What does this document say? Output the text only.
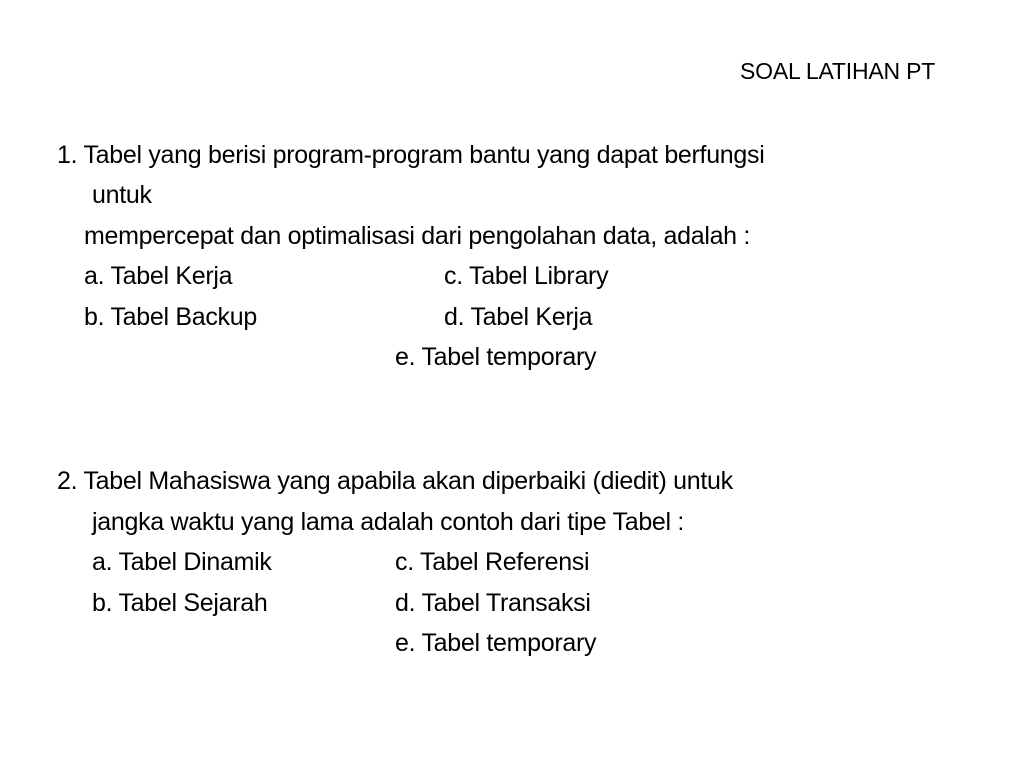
SOAL LATIHAN PT
1. Tabel yang berisi program-program bantu yang dapat berfungsi
untuk
mempercepat dan optimalisasi dari pengolahan data, adalah :
a. Tabel Kerja	c. Tabel Library
b. Tabel Backup	d. Tabel Kerja
e. Tabel temporary
2. Tabel Mahasiswa yang apabila akan diperbaiki (diedit) untuk
jangka waktu yang lama adalah contoh dari tipe Tabel :
a. Tabel Dinamik	c. Tabel Referensi
b. Tabel Sejarah	d. Tabel Transaksi
e. Tabel temporary
